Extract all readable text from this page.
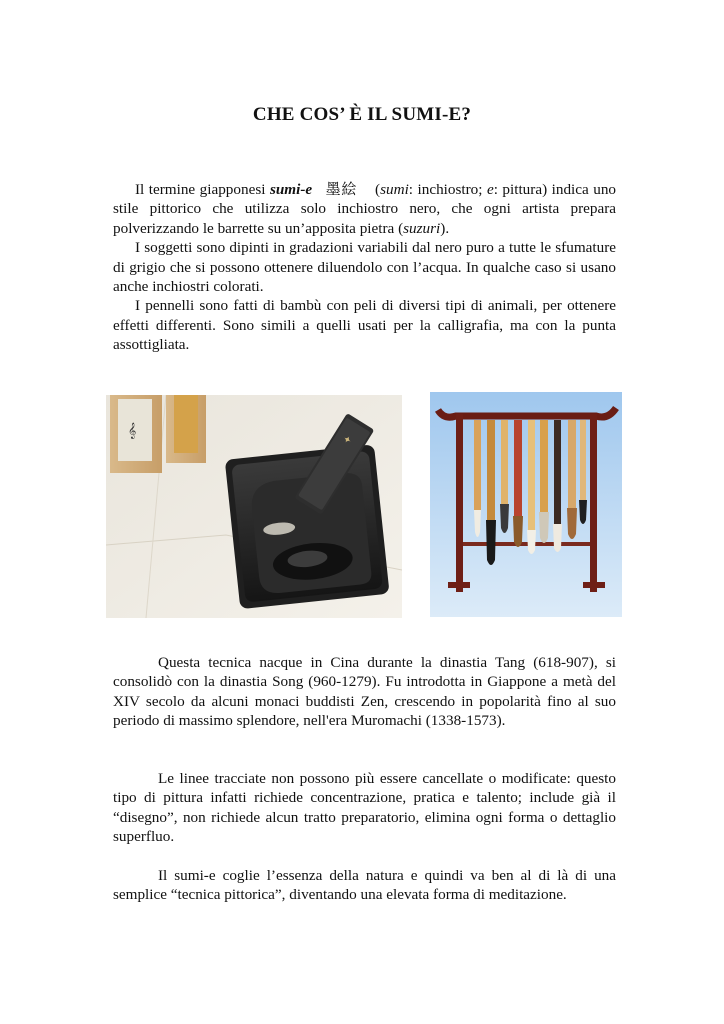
CHE COS’ È IL SUMI-E?
Il termine giapponesi sumi-e 墨絵 (sumi: inchiostro; e: pittura) indica uno stile pittorico che utilizza solo inchiostro nero, che ogni artista prepara polverizzando le barrette su un’apposita pietra (suzuri).
I soggetti sono dipinti in gradazioni variabili dal nero puro a tutte le sfumature di grigio che si possono ottenere diluendolo con l’acqua. In qualche caso si usano anche inchiostri colorati.
I pennelli sono fatti di bambù con peli di diversi tipi di animali, per ottenere effetti differenti. Sono simili a quelli usati per la calligrafia, ma con la punta assottigliata.
𝄞
✦
Questa tecnica nacque in Cina durante la dinastia Tang (618-907), si consolidò con la dinastia Song (960-1279). Fu introdotta in Giappone a metà del XIV secolo da alcuni monaci buddisti Zen, crescendo in popolarità fino al suo periodo di massimo splendore, nell'era Muromachi (1338-1573).
Le linee tracciate non possono più essere cancellate o modificate: questo tipo di pittura infatti richiede concentrazione, pratica e talento; include già il “disegno”, non richiede alcun tratto preparatorio, elimina ogni forma o dettaglio superfluo.
Il sumi-e coglie l’essenza della natura e quindi va ben al di là di una semplice “tecnica pittorica”, diventando una elevata forma di meditazione.
